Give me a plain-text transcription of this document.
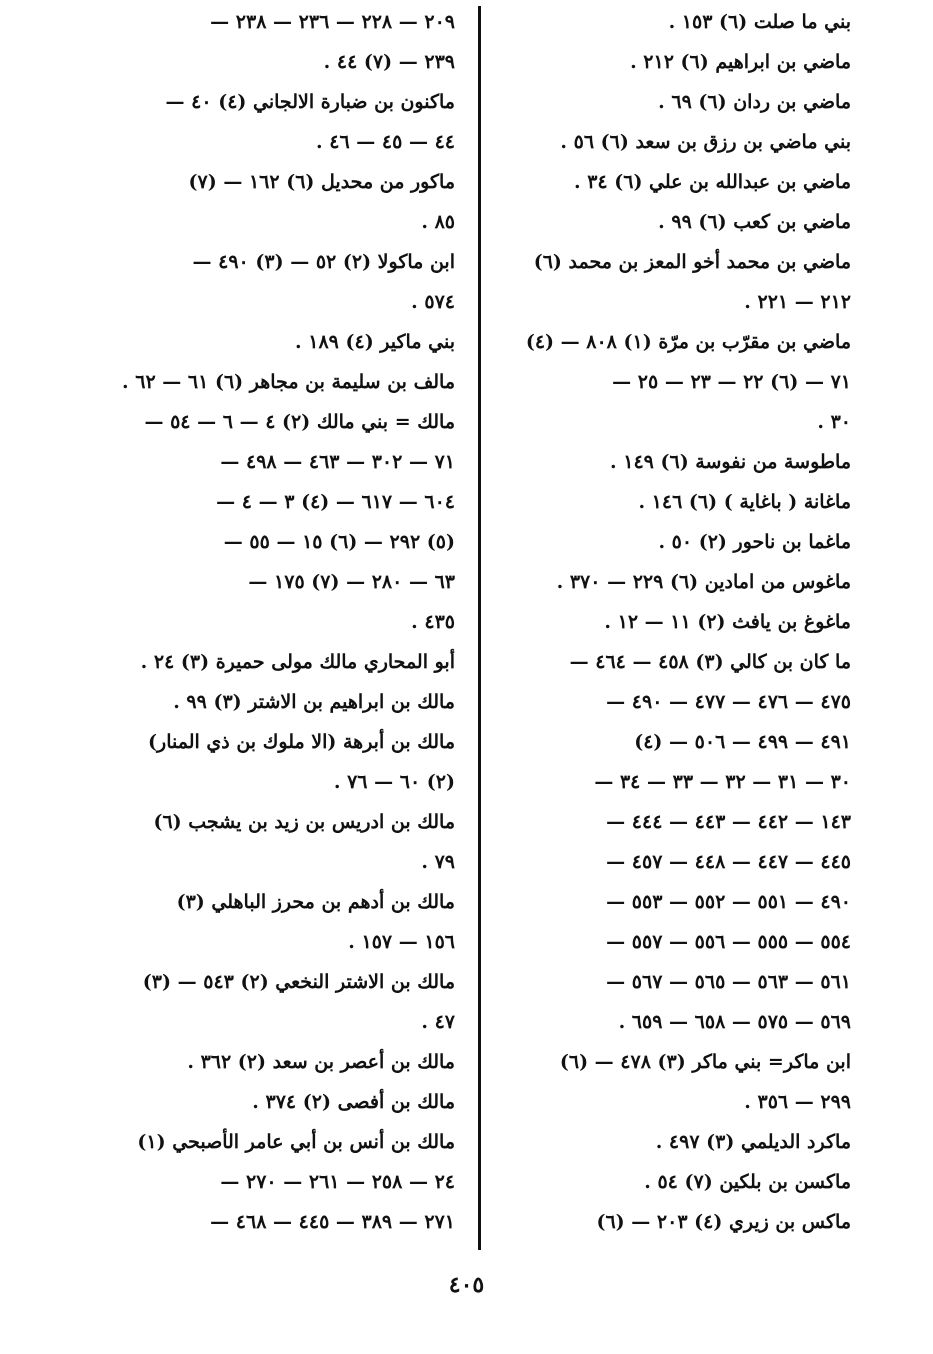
بني ما صلت (٦) ١٥٣ .
ماضي بن ابراهيم (٦) ٢١٢ .
ماضي بن ردان (٦) ٦٩ .
بني ماضي بن رزق بن سعد (٦) ٥٦ .
ماضي بن عبدالله بن علي (٦) ٣٤ .
ماضي بن كعب (٦) ٩٩ .
ماضي بن محمد أخو المعز بن محمد (٦)
٢١٢ — ٢٢١ .
ماضي بن مقرّب بن مرّة (١) ٨٠٨ — (٤)
٧١ — (٦) ٢٢ — ٢٣ — ٢٥ —
٣٠ .
ماطوسة من نفوسة (٦) ١٤٩ .
ماغانة ( باغاية ) (٦) ١٤٦ .
ماغما بن ناحور (٢) ٥٠ .
ماغوس من امادين (٦) ٢٢٩ — ٣٧٠ .
ماغوغ بن يافث (٢) ١١ — ١٢ .
ما كان بن كالي (٣) ٤٥٨ — ٤٦٤ —
٤٧٥ — ٤٧٦ — ٤٧٧ — ٤٩٠ —
٤٩١ — ٤٩٩ — ٥٠٦ — (٤)
٣٠ — ٣١ — ٣٢ — ٣٣ — ٣٤ —
١٤٣ — ٤٤٢ — ٤٤٣ — ٤٤٤ —
٤٤٥ — ٤٤٧ — ٤٤٨ — ٤٥٧ —
٤٩٠ — ٥٥١ — ٥٥٢ — ٥٥٣ —
٥٥٤ — ٥٥٥ — ٥٥٦ — ٥٥٧ —
٥٦١ — ٥٦٣ — ٥٦٥ — ٥٦٧ —
٥٦٩ — ٥٧٥ — ٦٥٨ — ٦٥٩ .
ابن ماكر= بني ماكر (٣) ٤٧٨ — (٦)
٢٩٩ — ٣٥٦ .
ماكرد الديلمي (٣) ٤٩٧ .
ماكسن بن بلكين (٧) ٥٤ .
ماكس بن زيري (٤) ٢٠٣ — (٦)
٢٠٩ — ٢٢٨ — ٢٣٦ — ٢٣٨ —
٢٣٩ — (٧) ٤٤ .
ماكنون بن ضبارة الالجاني (٤) ٤٠ —
٤٤ — ٤٥ — ٤٦ .
ماكور من محديل (٦) ١٦٢ — (٧)
٨٥ .
ابن ماكولا (٢) ٥٢ — (٣) ٤٩٠ —
٥٧٤ .
بني ماكير (٤) ١٨٩ .
مالف بن سليمة بن مجاهر (٦) ٦١ — ٦٢ .
مالك = بني مالك (٢) ٤ — ٦ — ٥٤ —
٧١ — ٣٠٢ — ٤٦٣ — ٤٩٨ —
٦٠٤ — ٦١٧ — (٤) ٣ — ٤ —
(٥) ٢٩٢ — (٦) ١٥ — ٥٥ —
٦٣ — ٢٨٠ — (٧) ١٧٥ —
٤٣٥ .
أبو المحاري مالك مولى حميرة (٣) ٢٤ .
مالك بن ابراهيم بن الاشتر (٣) ٩٩ .
مالك بن أبرهة (الا ملوك بن ذي المنار)
(٢) ٦٠ — ٧٦ .
مالك بن ادريس بن زيد بن يشجب (٦)
٧٩ .
مالك بن أدهم بن محرز الباهلي (٣)
١٥٦ — ١٥٧ .
مالك بن الاشتر النخعي (٢) ٥٤٣ — (٣)
٤٧ .
مالك بن أعصر بن سعد (٢) ٣٦٢ .
مالك بن أفصى (٢) ٣٧٤ .
مالك بن أنس بن أبي عامر الأصبحي (١)
٢٤ — ٢٥٨ — ٢٦١ — ٢٧٠ —
٢٧١ — ٣٨٩ — ٤٤٥ — ٤٦٨ —
٤٠٥
